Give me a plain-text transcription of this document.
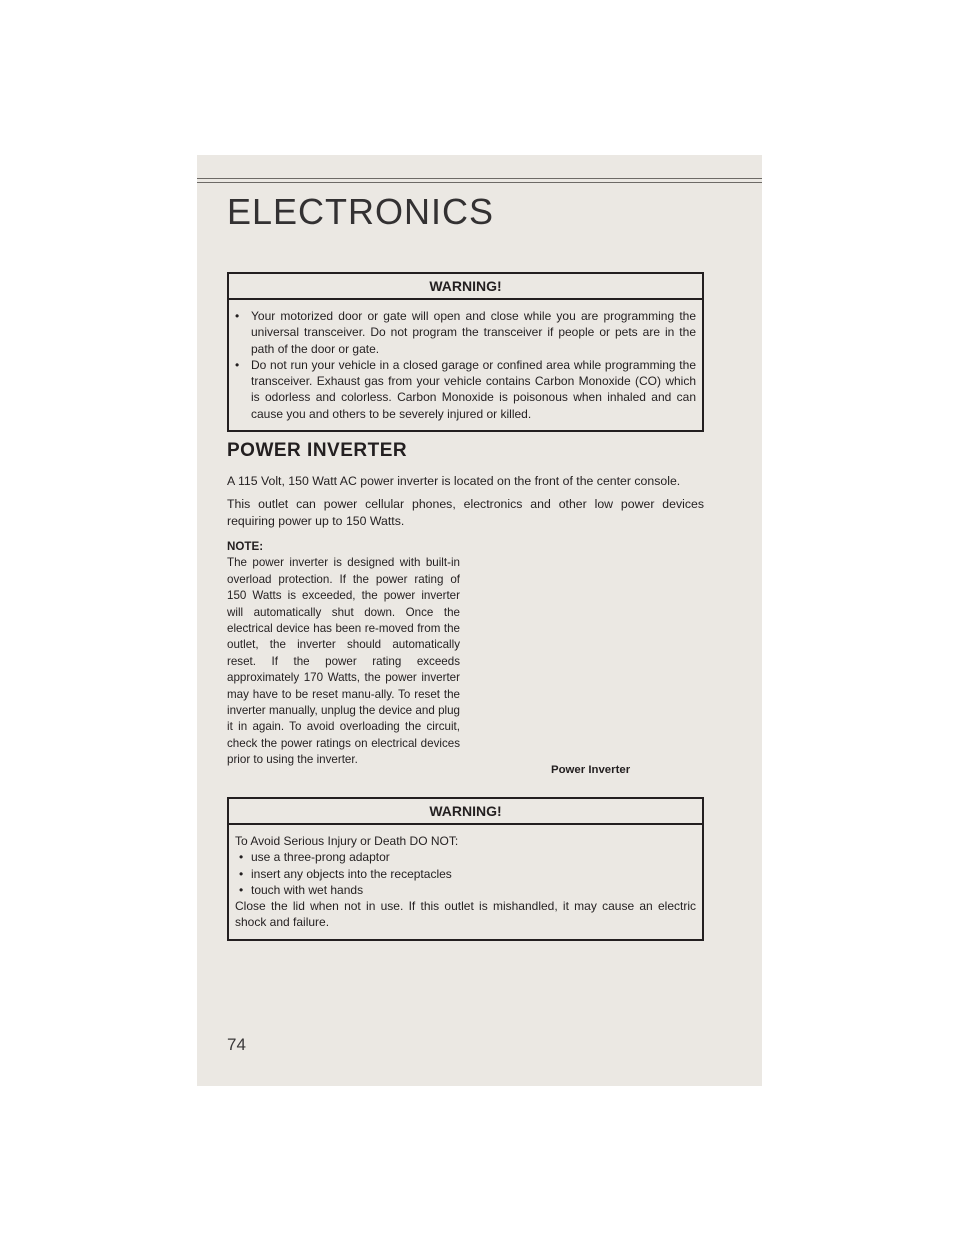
ELECTRONICS
WARNING!
• Your motorized door or gate will open and close while you are programming the universal transceiver. Do not program the transceiver if people or pets are in the path of the door or gate.
• Do not run your vehicle in a closed garage or confined area while programming the transceiver. Exhaust gas from your vehicle contains Carbon Monoxide (CO) which is odorless and colorless. Carbon Monoxide is poisonous when inhaled and can cause you and others to be severely injured or killed.
POWER INVERTER
A 115 Volt, 150 Watt AC power inverter is located on the front of the center console.
This outlet can power cellular phones, electronics and other low power devices requiring power up to 150 Watts.
NOTE:
The power inverter is designed with built-in overload protection. If the power rating of 150 Watts is exceeded, the power inverter will automatically shut down. Once the electrical device has been re-moved from the outlet, the inverter should automatically reset. If the power rating exceeds approximately 170 Watts, the power inverter may have to be reset manu-ally. To reset the inverter manually, unplug the device and plug it in again. To avoid overloading the circuit, check the power ratings on electrical devices prior to using the inverter.
Power Inverter
WARNING!
To Avoid Serious Injury or Death DO NOT:
• use a three-prong adaptor
• insert any objects into the receptacles
• touch with wet hands
Close the lid when not in use. If this outlet is mishandled, it may cause an electric shock and failure.
74
